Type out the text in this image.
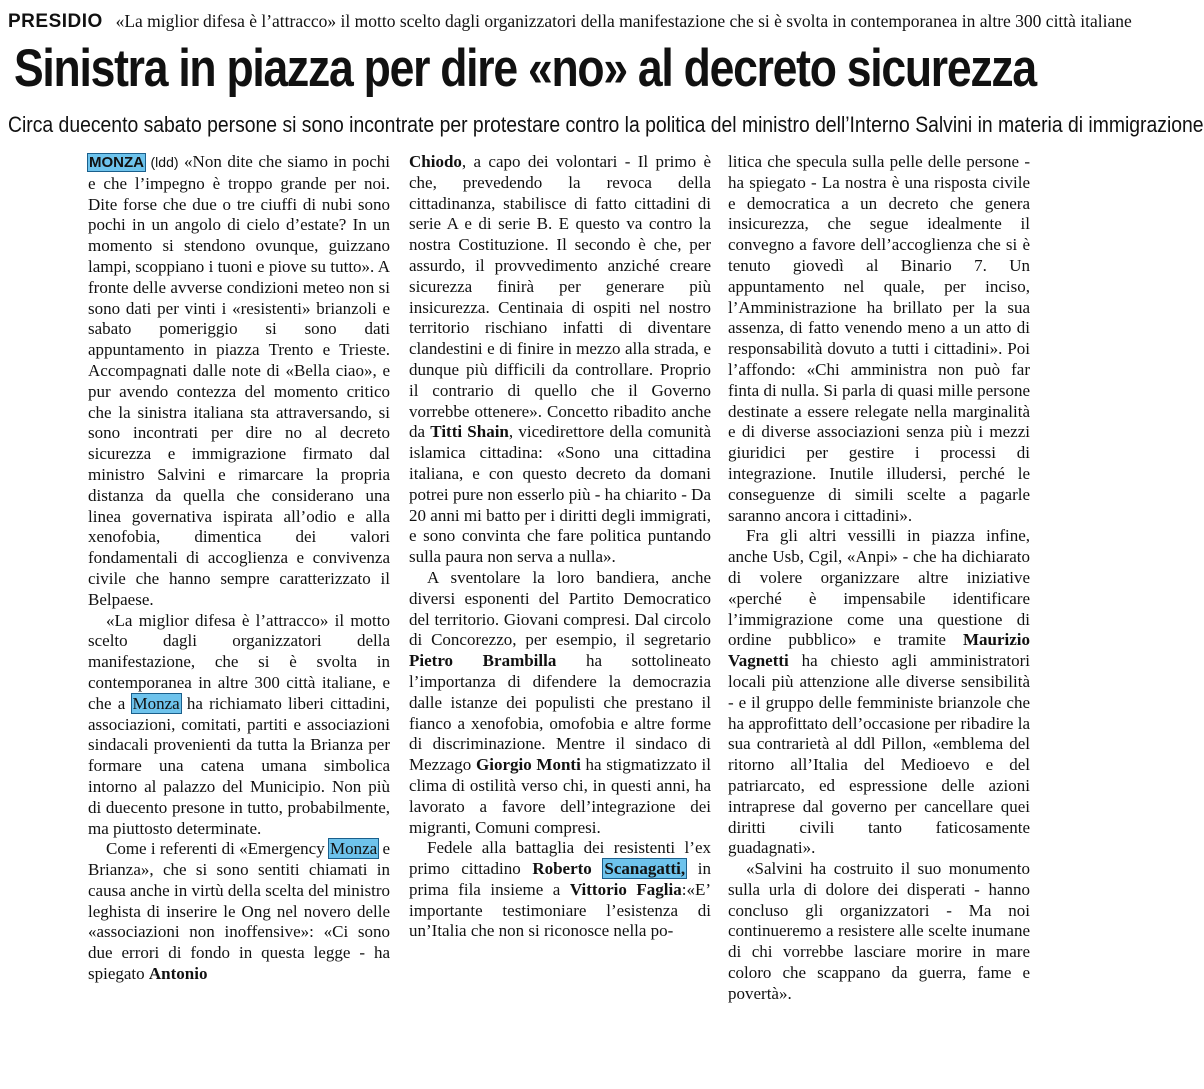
PRESIDIO «La miglior difesa è l’attracco» il motto scelto dagli organizzatori della manifestazione che si è svolta in contemporanea in altre 300 città italiane
Sinistra in piazza per dire «no» al decreto sicurezza
Circa duecento sabato persone si sono incontrate per protestare contro la politica del ministro dell’Interno Salvini in materia di immigrazione

MONZA (ldd) «Non dite che siamo in pochi e che l’impegno è troppo grande per noi. Dite forse che due o tre ciuffi di nubi sono pochi in un angolo di cielo d’estate? In un momento si stendono ovunque, guizzano lampi, scoppiano i tuoni e piove su tutto». A fronte delle avverse condizioni meteo non si sono dati per vinti i «resistenti» brianzoli e sabato pomeriggio si sono dati appuntamento in piazza Trento e Trieste. Accompagnati dalle note di «Bella ciao», e pur avendo contezza del momento critico che la sinistra italiana sta attraversando, si sono incontrati per dire no al decreto sicurezza e immigrazione firmato dal ministro Salvini e rimarcare la propria distanza da quella che considerano una linea governativa ispirata all’odio e alla xenofobia, dimentica dei valori fondamentali di accoglienza e convivenza civile che hanno sempre caratterizzato il Belpaese.

«La miglior difesa è l’attracco» il motto scelto dagli organizzatori della manifestazione, che si è svolta in contemporanea in altre 300 città italiane, e che a Monza ha richiamato liberi cittadini, associazioni, comitati, partiti e associazioni sindacali provenienti da tutta la Brianza per formare una catena umana simbolica intorno al palazzo del Municipio. Non più di duecento presone in tutto, probabilmente, ma piuttosto determinate.

Come i referenti di «Emergency Monza e Brianza», che si sono sentiti chiamati in causa anche in virtù della scelta del ministro leghista di inserire le Ong nel novero delle «associazioni non inoffensive»: «Ci sono due errori di fondo in questa legge - ha spiegato Antonio

Chiodo, a capo dei volontari - Il primo è che, prevedendo la revoca della cittadinanza, stabilisce di fatto cittadini di serie A e di serie B. E questo va contro la nostra Costituzione. Il secondo è che, per assurdo, il provvedimento anziché creare sicurezza finirà per generare più insicurezza. Centinaia di ospiti nel nostro territorio rischiano infatti di diventare clandestini e di finire in mezzo alla strada, e dunque più difficili da controllare. Proprio il contrario di quello che il Governo vorrebbe ottenere». Concetto ribadito anche da Titti Shain, vicedirettore della comunità islamica cittadina: «Sono una cittadina italiana, e con questo decreto da domani potrei pure non esserlo più - ha chiarito - Da 20 anni mi batto per i diritti degli immigrati, e sono convinta che fare politica puntando sulla paura non serva a nulla».

A sventolare la loro bandiera, anche diversi esponenti del Partito Democratico del territorio. Giovani compresi. Dal circolo di Concorezzo, per esempio, il segretario Pietro Brambilla ha sottolineato l’importanza di difendere la democrazia dalle istanze dei populisti che prestano il fianco a xenofobia, omofobia e altre forme di discriminazione. Mentre il sindaco di Mezzago Giorgio Monti ha stigmatizzato il clima di ostilità verso chi, in questi anni, ha lavorato a favore dell’integrazione dei migranti, Comuni compresi.

Fedele alla battaglia dei resistenti l’ex primo cittadino Roberto Scanagatti, in prima fila insieme a Vittorio Faglia:«E’ importante testimoniare l’esistenza di un’Italia che non si riconosce nella po-

litica che specula sulla pelle delle persone - ha spiegato - La nostra è una risposta civile e democratica a un decreto che genera insicurezza, che segue idealmente il convegno a favore dell’accoglienza che si è tenuto giovedì al Binario 7. Un appuntamento nel quale, per inciso, l’Amministrazione ha brillato per la sua assenza, di fatto venendo meno a un atto di responsabilità dovuto a tutti i cittadini». Poi l’affondo: «Chi amministra non può far finta di nulla. Si parla di quasi mille persone destinate a essere relegate nella marginalità e di diverse associazioni senza più i mezzi giuridici per gestire i processi di integrazione. Inutile illudersi, perché le conseguenze di simili scelte a pagarle saranno ancora i cittadini».

Fra gli altri vessilli in piazza infine, anche Usb, Cgil, «Anpi» - che ha dichiarato di volere organizzare altre iniziative «perché è impensabile identificare l’immigrazione come una questione di ordine pubblico» e tramite Maurizio Vagnetti ha chiesto agli amministratori locali più attenzione alle diverse sensibilità - e il gruppo delle femministe brianzole che ha approfittato dell’occasione per ribadire la sua contrarietà al ddl Pillon, «emblema del ritorno all’Italia del Medioevo e del patriarcato, ed espressione delle azioni intraprese dal governo per cancellare quei diritti civili tanto faticosamente guadagnati».

«Salvini ha costruito il suo monumento sulla urla di dolore dei disperati - hanno concluso gli organizzatori - Ma noi continueremo a resistere alle scelte inumane di chi vorrebbe lasciare morire in mare coloro che scappano da guerra, fame e povertà».
